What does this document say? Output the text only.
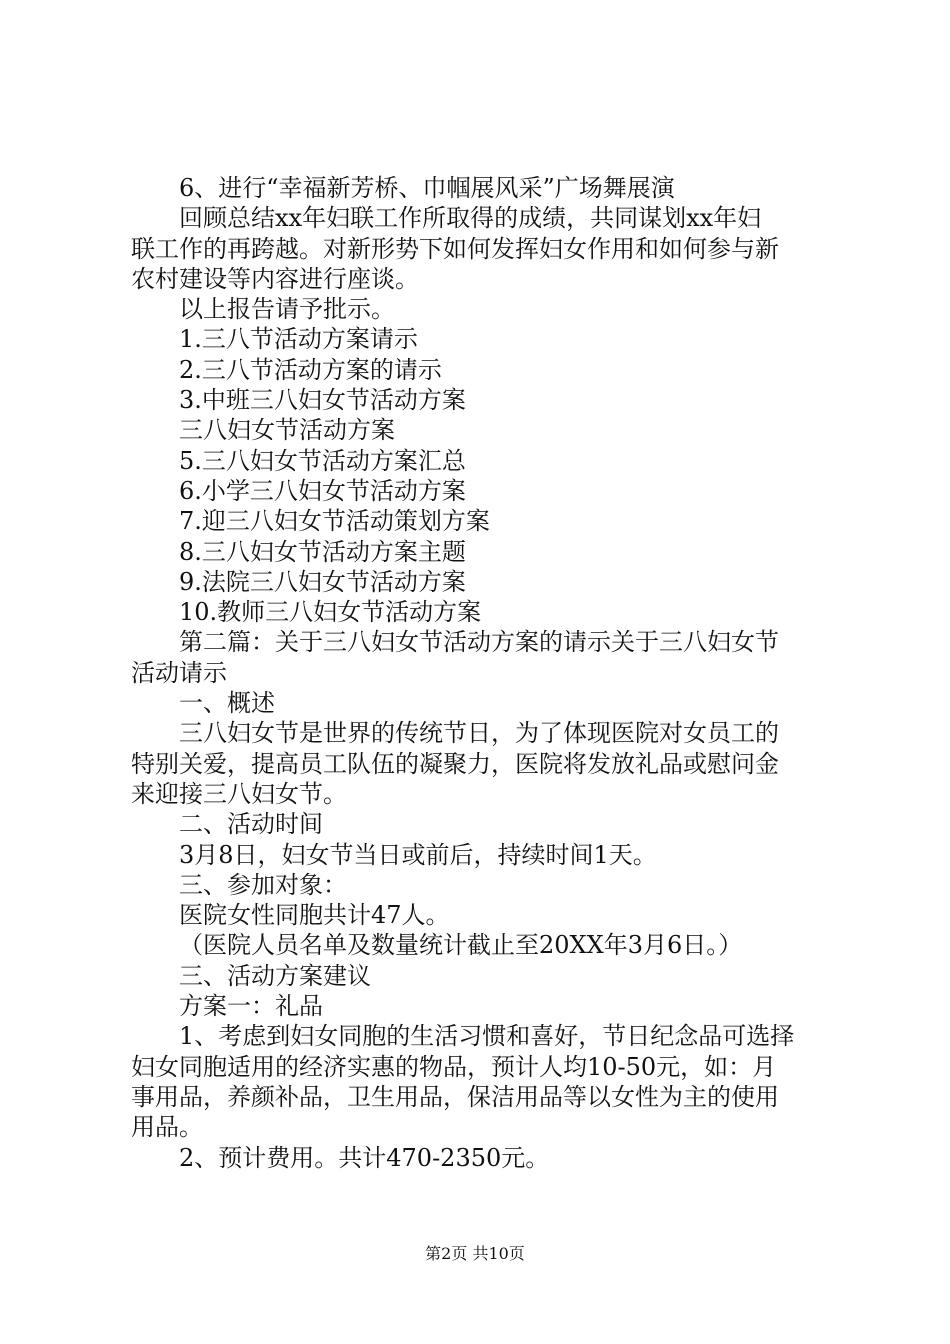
6、进行“幸福新芳桥、巾帼展风采”广场舞展演
回顾总结xx年妇联工作所取得的成绩，共同谋划xx年妇
联工作的再跨越。对新形势下如何发挥妇女作用和如何参与新
农村建设等内容进行座谈。
以上报告请予批示。
1.三八节活动方案请示
2.三八节活动方案的请示
3.中班三八妇女节活动方案
三八妇女节活动方案
5.三八妇女节活动方案汇总
6.小学三八妇女节活动方案
7.迎三八妇女节活动策划方案
8.三八妇女节活动方案主题
9.法院三八妇女节活动方案
10.教师三八妇女节活动方案
第二篇：关于三八妇女节活动方案的请示关于三八妇女节
活动请示
一、概述
三八妇女节是世界的传统节日，为了体现医院对女员工的
特别关爱，提高员工队伍的凝聚力，医院将发放礼品或慰问金
来迎接三八妇女节。
二、活动时间
3月8日，妇女节当日或前后，持续时间1天。
三、参加对象：
医院女性同胞共计47人。
（医院人员名单及数量统计截止至20XX年3月6日。）
三、活动方案建议
方案一：礼品
1、考虑到妇女同胞的生活习惯和喜好，节日纪念品可选择
妇女同胞适用的经济实惠的物品，预计人均10-50元，如：月
事用品，养颜补品，卫生用品，保洁用品等以女性为主的使用
用品。
2、预计费用。共计470-2350元。
第2页 共10页
